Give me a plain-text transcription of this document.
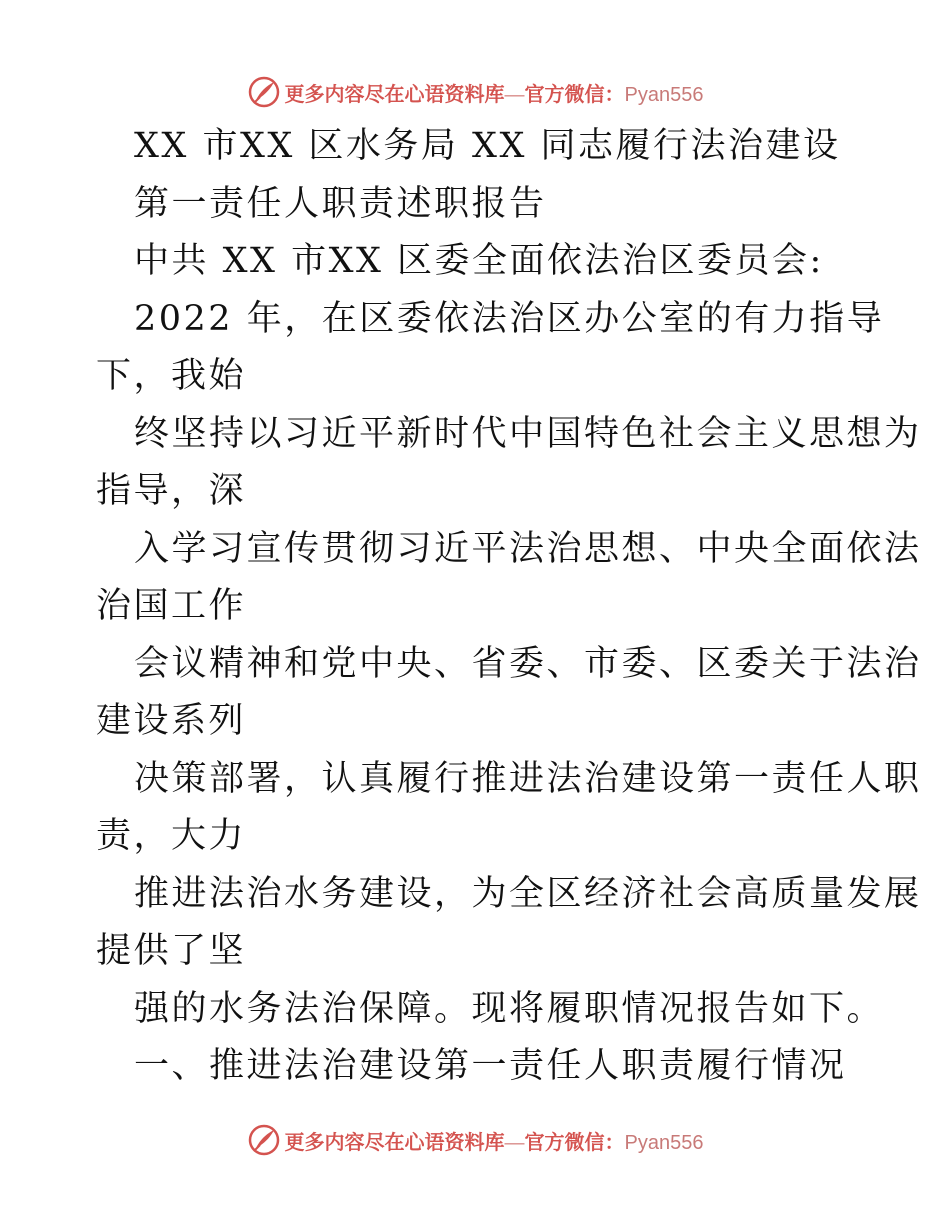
更多内容尽在心语资料库—官方微信：Pyan556
XX 市XX 区水务局 XX 同志履行法治建设
第一责任人职责述职报告
中共 XX 市XX 区委全面依法治区委员会:
2022 年，在区委依法治区办公室的有力指导
下，我始
终坚持以习近平新时代中国特色社会主义思想为
指导，深
入学习宣传贯彻习近平法治思想、中央全面依法
治国工作
会议精神和党中央、省委、市委、区委关于法治
建设系列
决策部署，认真履行推进法治建设第一责任人职
责，大力
推进法治水务建设，为全区经济社会高质量发展
提供了坚
强的水务法治保障。现将履职情况报告如下。
一、推进法治建设第一责任人职责履行情况
更多内容尽在心语资料库—官方微信：Pyan556
